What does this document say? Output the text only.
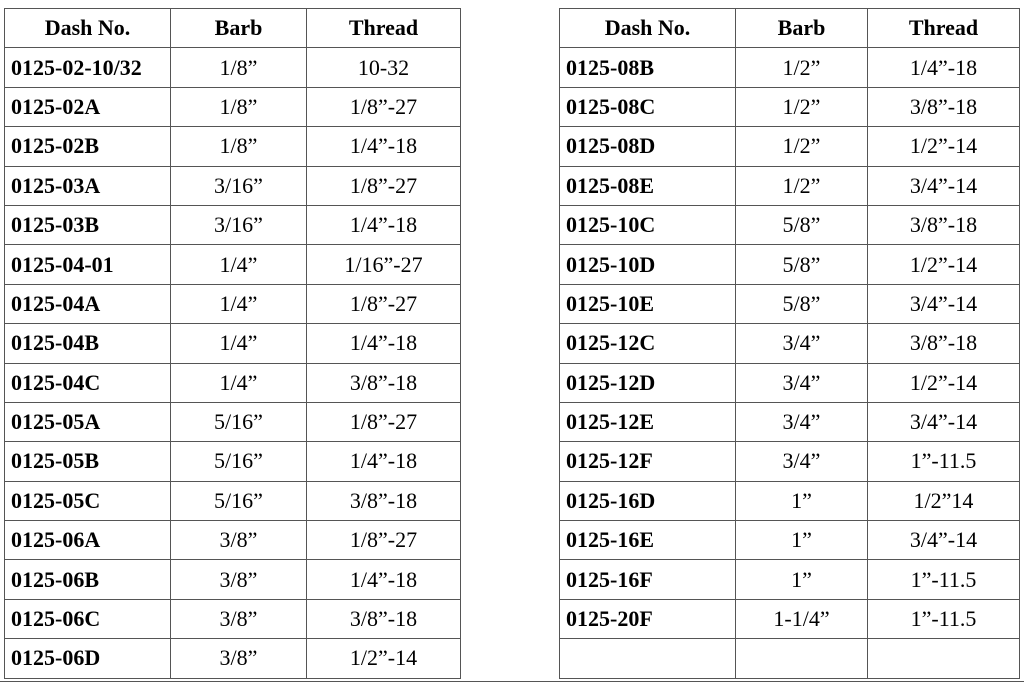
Dash No.	Barb	Thread
0125-02-10/32	1/8”	10-32
0125-02A	1/8”	1/8”-27
0125-02B	1/8”	1/4”-18
0125-03A	3/16”	1/8”-27
0125-03B	3/16”	1/4”-18
0125-04-01	1/4”	1/16”-27
0125-04A	1/4”	1/8”-27
0125-04B	1/4”	1/4”-18
0125-04C	1/4”	3/8”-18
0125-05A	5/16”	1/8”-27
0125-05B	5/16”	1/4”-18
0125-05C	5/16”	3/8”-18
0125-06A	3/8”	1/8”-27
0125-06B	3/8”	1/4”-18
0125-06C	3/8”	3/8”-18
0125-06D	3/8”	1/2”-14
Dash No.	Barb	Thread
0125-08B	1/2”	1/4”-18
0125-08C	1/2”	3/8”-18
0125-08D	1/2”	1/2”-14
0125-08E	1/2”	3/4”-14
0125-10C	5/8”	3/8”-18
0125-10D	5/8”	1/2”-14
0125-10E	5/8”	3/4”-14
0125-12C	3/4”	3/8”-18
0125-12D	3/4”	1/2”-14
0125-12E	3/4”	3/4”-14
0125-12F	3/4”	1”-11.5
0125-16D	1”	1/2”14
0125-16E	1”	3/4”-14
0125-16F	1”	1”-11.5
0125-20F	1-1/4”	1”-11.5
